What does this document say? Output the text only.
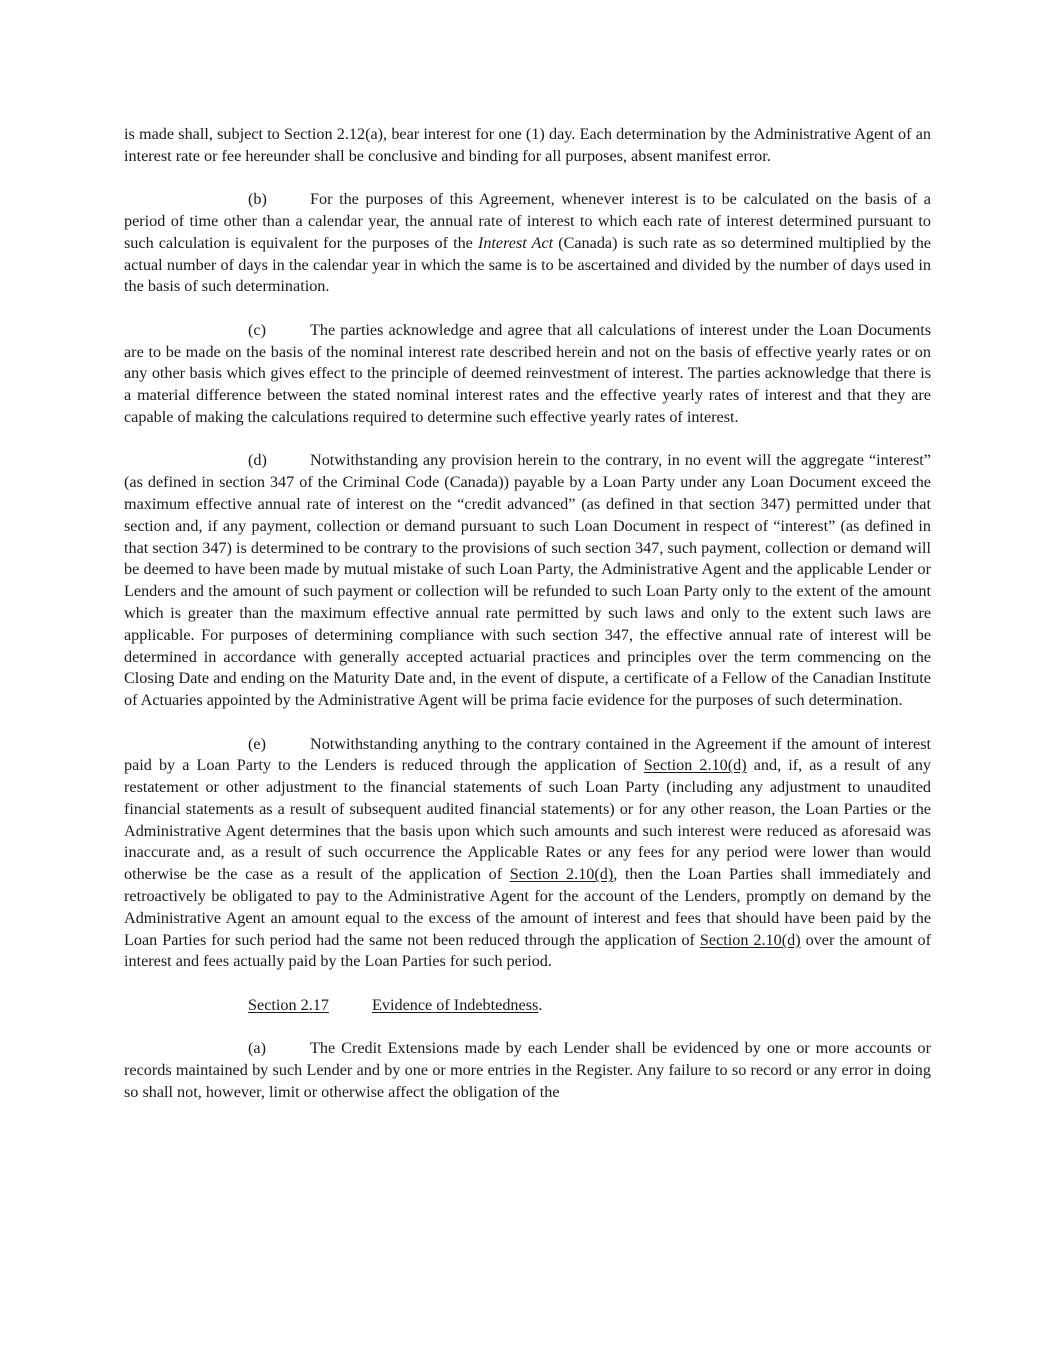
is made shall, subject to Section 2.12(a), bear interest for one (1) day. Each determination by the Administrative Agent of an interest rate or fee hereunder shall be conclusive and binding for all purposes, absent manifest error.

(b)	For the purposes of this Agreement, whenever interest is to be calculated on the basis of a period of time other than a calendar year, the annual rate of interest to which each rate of interest determined pursuant to such calculation is equivalent for the purposes of the Interest Act (Canada) is such rate as so determined multiplied by the actual number of days in the calendar year in which the same is to be ascertained and divided by the number of days used in the basis of such determination.

(c)	The parties acknowledge and agree that all calculations of interest under the Loan Documents are to be made on the basis of the nominal interest rate described herein and not on the basis of effective yearly rates or on any other basis which gives effect to the principle of deemed reinvestment of interest. The parties acknowledge that there is a material difference between the stated nominal interest rates and the effective yearly rates of interest and that they are capable of making the calculations required to determine such effective yearly rates of interest.

(d)	Notwithstanding any provision herein to the contrary, in no event will the aggregate “interest” (as defined in section 347 of the Criminal Code (Canada)) payable by a Loan Party under any Loan Document exceed the maximum effective annual rate of interest on the “credit advanced” (as defined in that section 347) permitted under that section and, if any payment, collection or demand pursuant to such Loan Document in respect of “interest” (as defined in that section 347) is determined to be contrary to the provisions of such section 347, such payment, collection or demand will be deemed to have been made by mutual mistake of such Loan Party, the Administrative Agent and the applicable Lender or Lenders and the amount of such payment or collection will be refunded to such Loan Party only to the extent of the amount which is greater than the maximum effective annual rate permitted by such laws and only to the extent such laws are applicable. For purposes of determining compliance with such section 347, the effective annual rate of interest will be determined in accordance with generally accepted actuarial practices and principles over the term commencing on the Closing Date and ending on the Maturity Date and, in the event of dispute, a certificate of a Fellow of the Canadian Institute of Actuaries appointed by the Administrative Agent will be prima facie evidence for the purposes of such determination.

(e)	Notwithstanding anything to the contrary contained in the Agreement if the amount of interest paid by a Loan Party to the Lenders is reduced through the application of Section 2.10(d) and, if, as a result of any restatement or other adjustment to the financial statements of such Loan Party (including any adjustment to unaudited financial statements as a result of subsequent audited financial statements) or for any other reason, the Loan Parties or the Administrative Agent determines that the basis upon which such amounts and such interest were reduced as aforesaid was inaccurate and, as a result of such occurrence the Applicable Rates or any fees for any period were lower than would otherwise be the case as a result of the application of Section 2.10(d), then the Loan Parties shall immediately and retroactively be obligated to pay to the Administrative Agent for the account of the Lenders, promptly on demand by the Administrative Agent an amount equal to the excess of the amount of interest and fees that should have been paid by the Loan Parties for such period had the same not been reduced through the application of Section 2.10(d) over the amount of interest and fees actually paid by the Loan Parties for such period.

Section 2.17	Evidence of Indebtedness.

(a)	The Credit Extensions made by each Lender shall be evidenced by one or more accounts or records maintained by such Lender and by one or more entries in the Register. Any failure to so record or any error in doing so shall not, however, limit or otherwise affect the obligation of the
